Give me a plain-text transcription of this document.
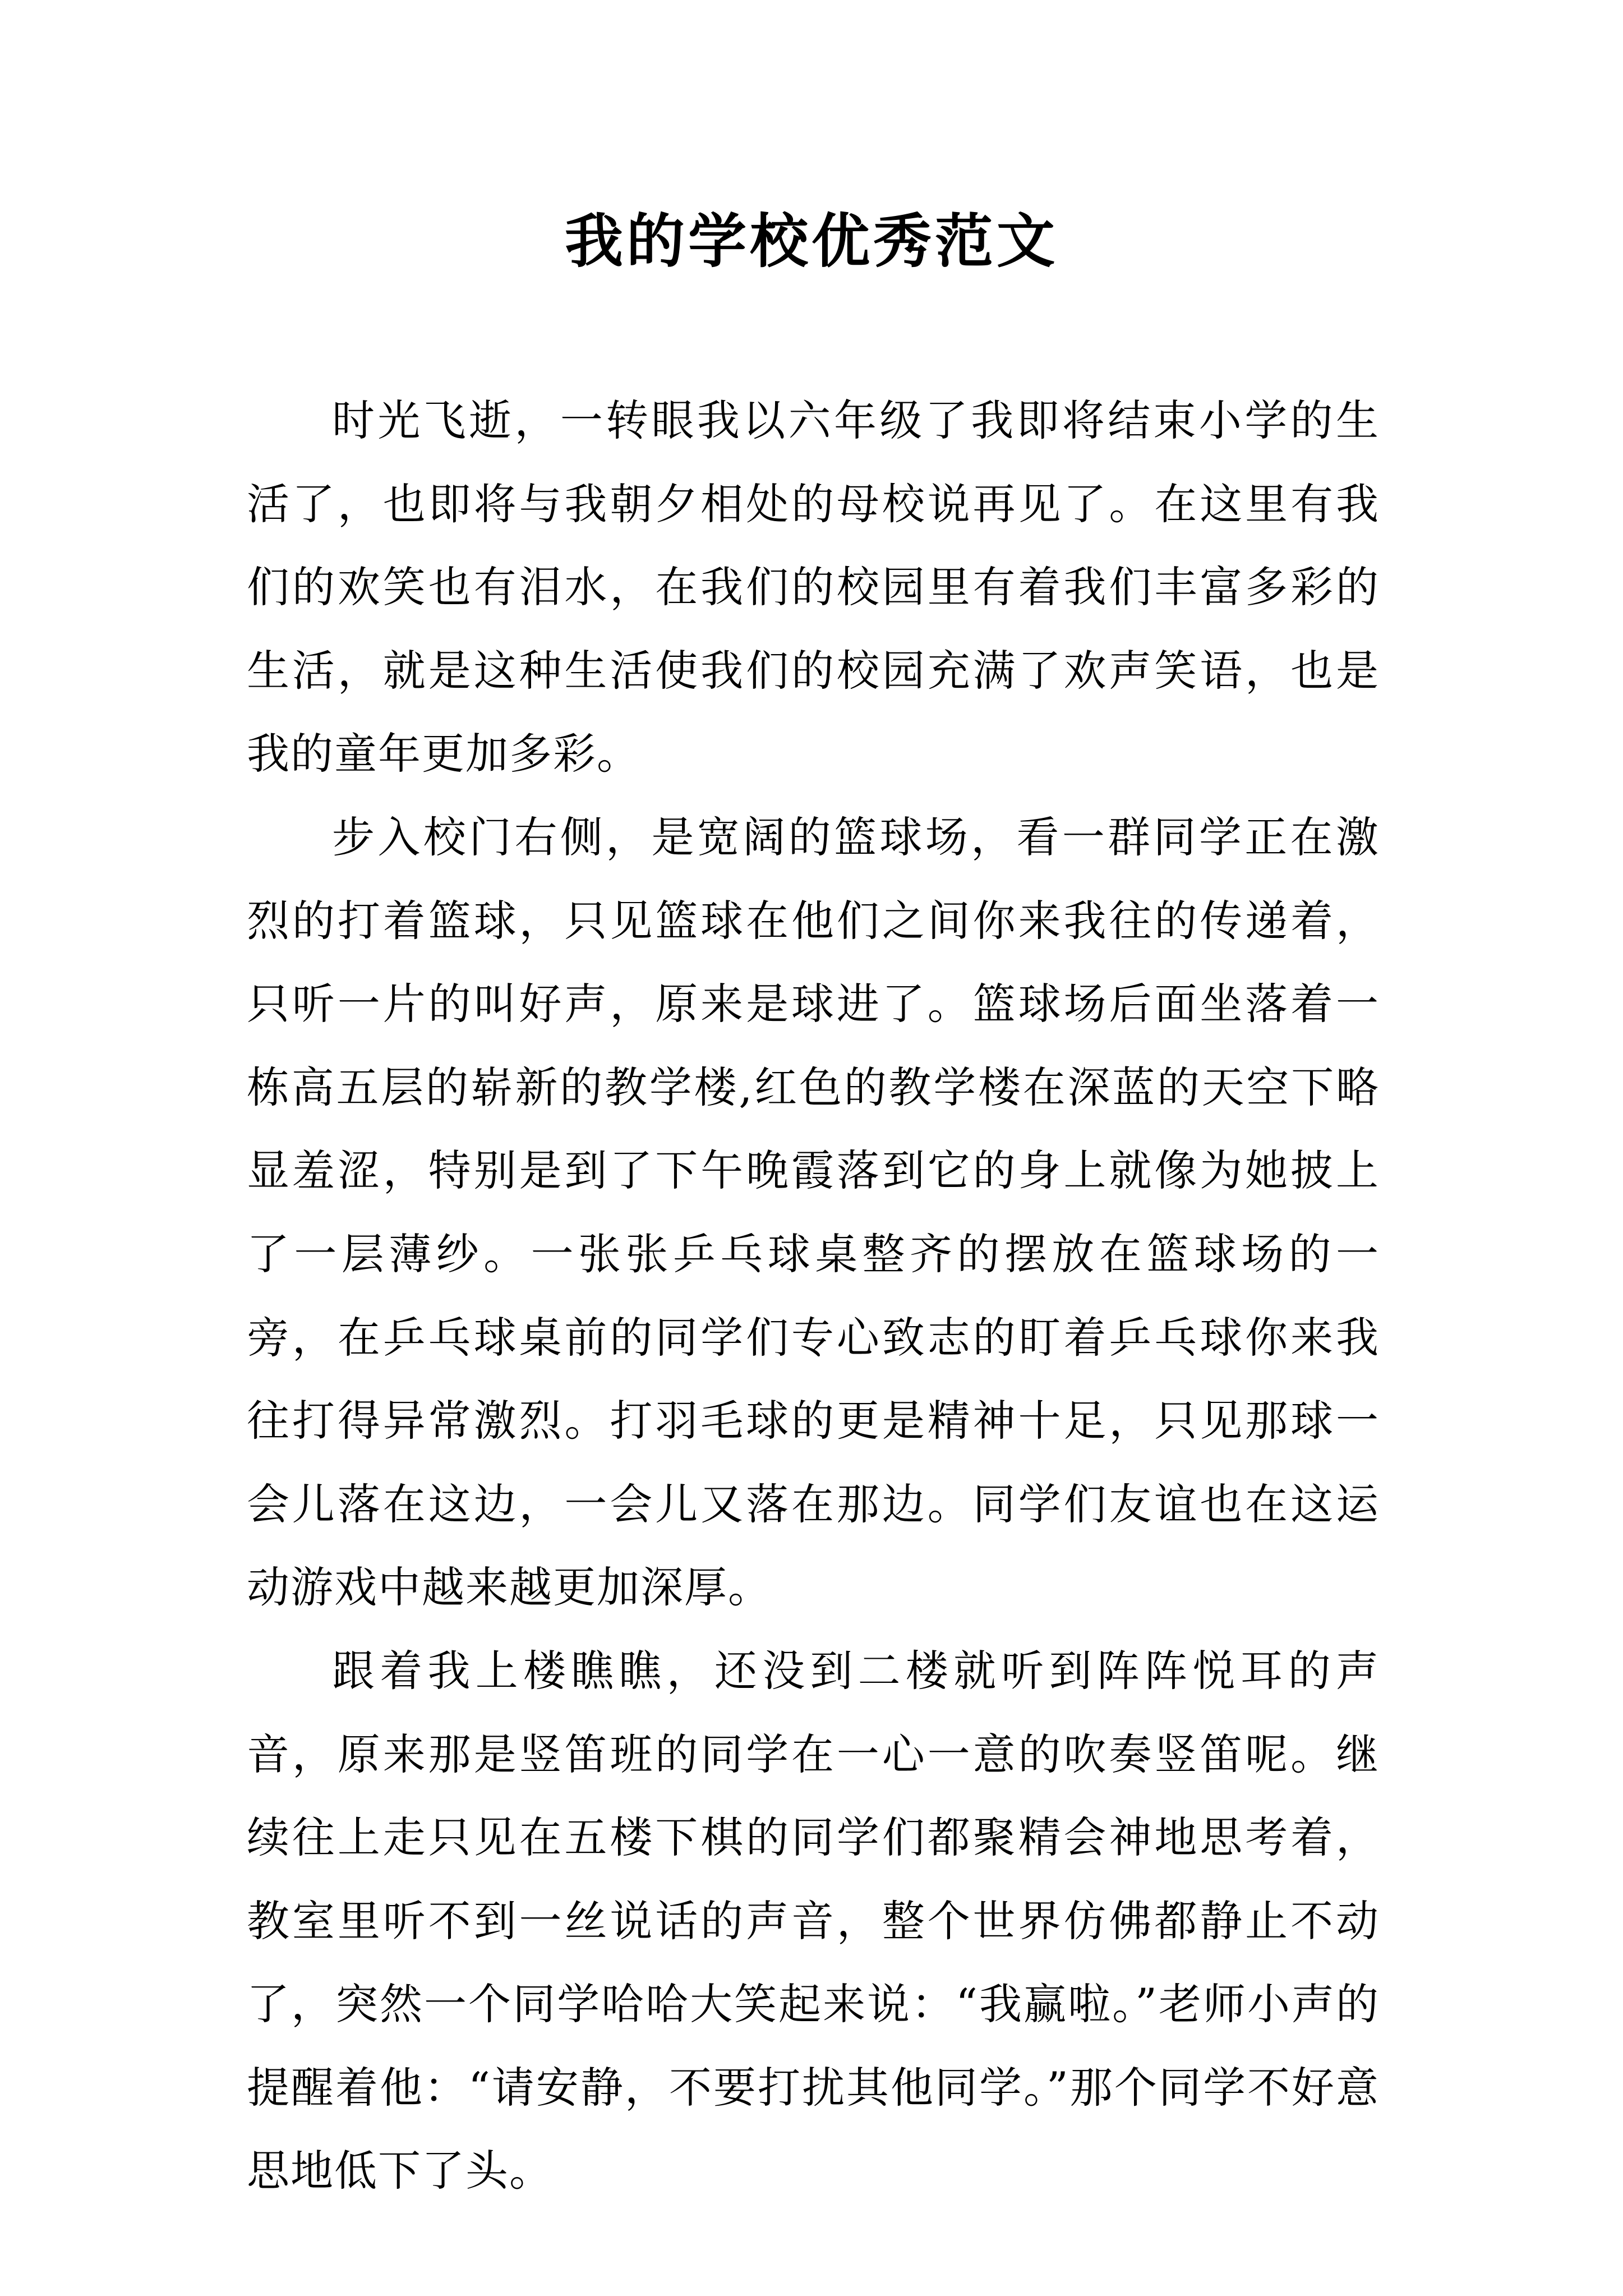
我的学校优秀范文

时光飞逝，一转眼我以六年级了我即将结束小学的生活了，也即将与我朝夕相处的母校说再见了。在这里有我们的欢笑也有泪水，在我们的校园里有着我们丰富多彩的生活，就是这种生活使我们的校园充满了欢声笑语，也是我的童年更加多彩。

步入校门右侧，是宽阔的篮球场，看一群同学正在激烈的打着篮球，只见篮球在他们之间你来我往的传递着，只听一片的叫好声，原来是球进了。篮球场后面坐落着一栋高五层的崭新的教学楼,红色的教学楼在深蓝的天空下略显羞涩，特别是到了下午晚霞落到它的身上就像为她披上了一层薄纱。一张张乒乓球桌整齐的摆放在篮球场的一旁，在乒乓球桌前的同学们专心致志的盯着乒乓球你来我往打得异常激烈。打羽毛球的更是精神十足，只见那球一会儿落在这边，一会儿又落在那边。同学们友谊也在这运动游戏中越来越更加深厚。

跟着我上楼瞧瞧，还没到二楼就听到阵阵悦耳的声音，原来那是竖笛班的同学在一心一意的吹奏竖笛呢。继续往上走只见在五楼下棋的同学们都聚精会神地思考着，教室里听不到一丝说话的声音，整个世界仿佛都静止不动了，突然一个同学哈哈大笑起来说：“我赢啦。”老师小声的提醒着他：“请安静，不要打扰其他同学。”那个同学不好意思地低下了头。
